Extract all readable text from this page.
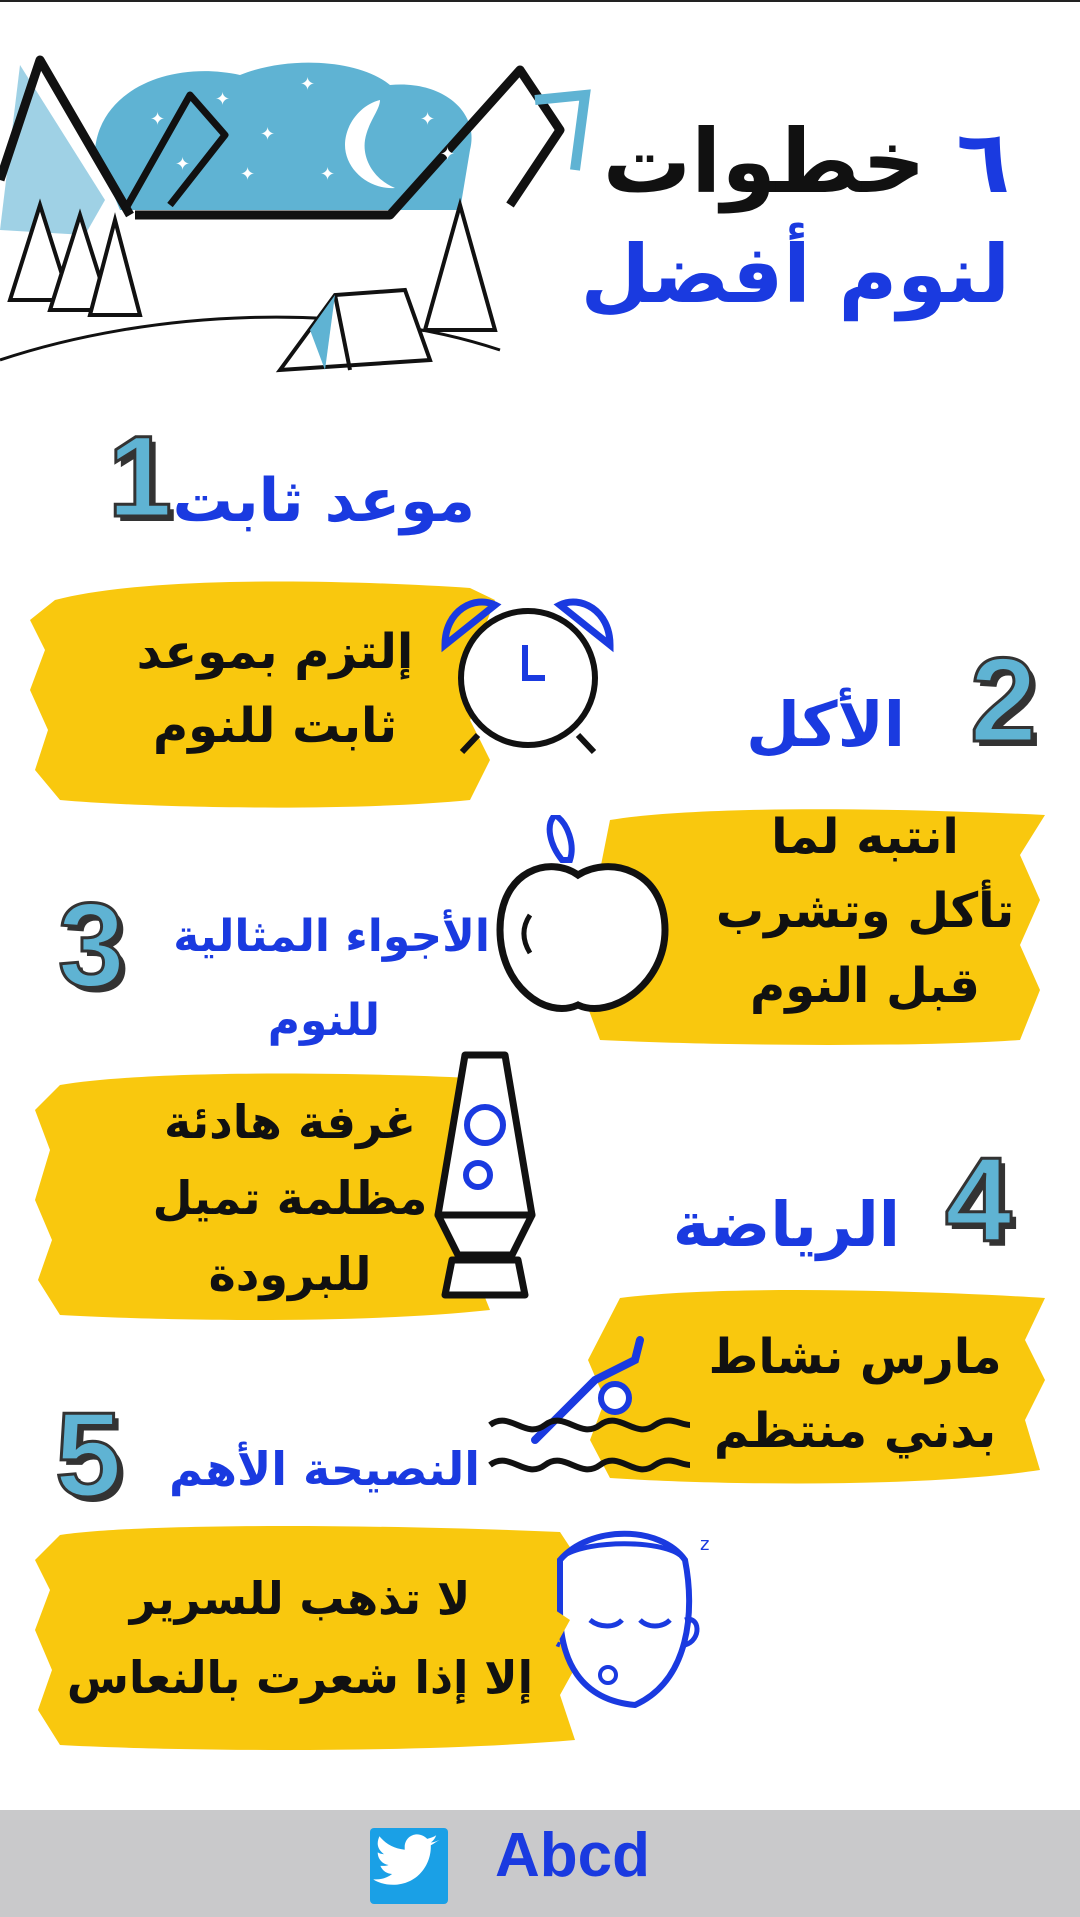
✦
✦
✦
✦
✦
✦	✦	✦
✦	٦ خطوات
لنوم أفضل
1 موعد ثابت
إلتزم بموعد
ثابت للنوم	2
الأكل
انتبه لما
تأكل وتشرب
قبل النوم
3 الأجواء المثالية
للنوم
غرفة هادئة
مظلمة تميل
للبرودة
4
الرياضة
مارس نشاط
بدني منتظم
5 النصيحة الأهم
لا تذهب للسرير
إلا إذا شعرت بالنعاس
z
Abcd
